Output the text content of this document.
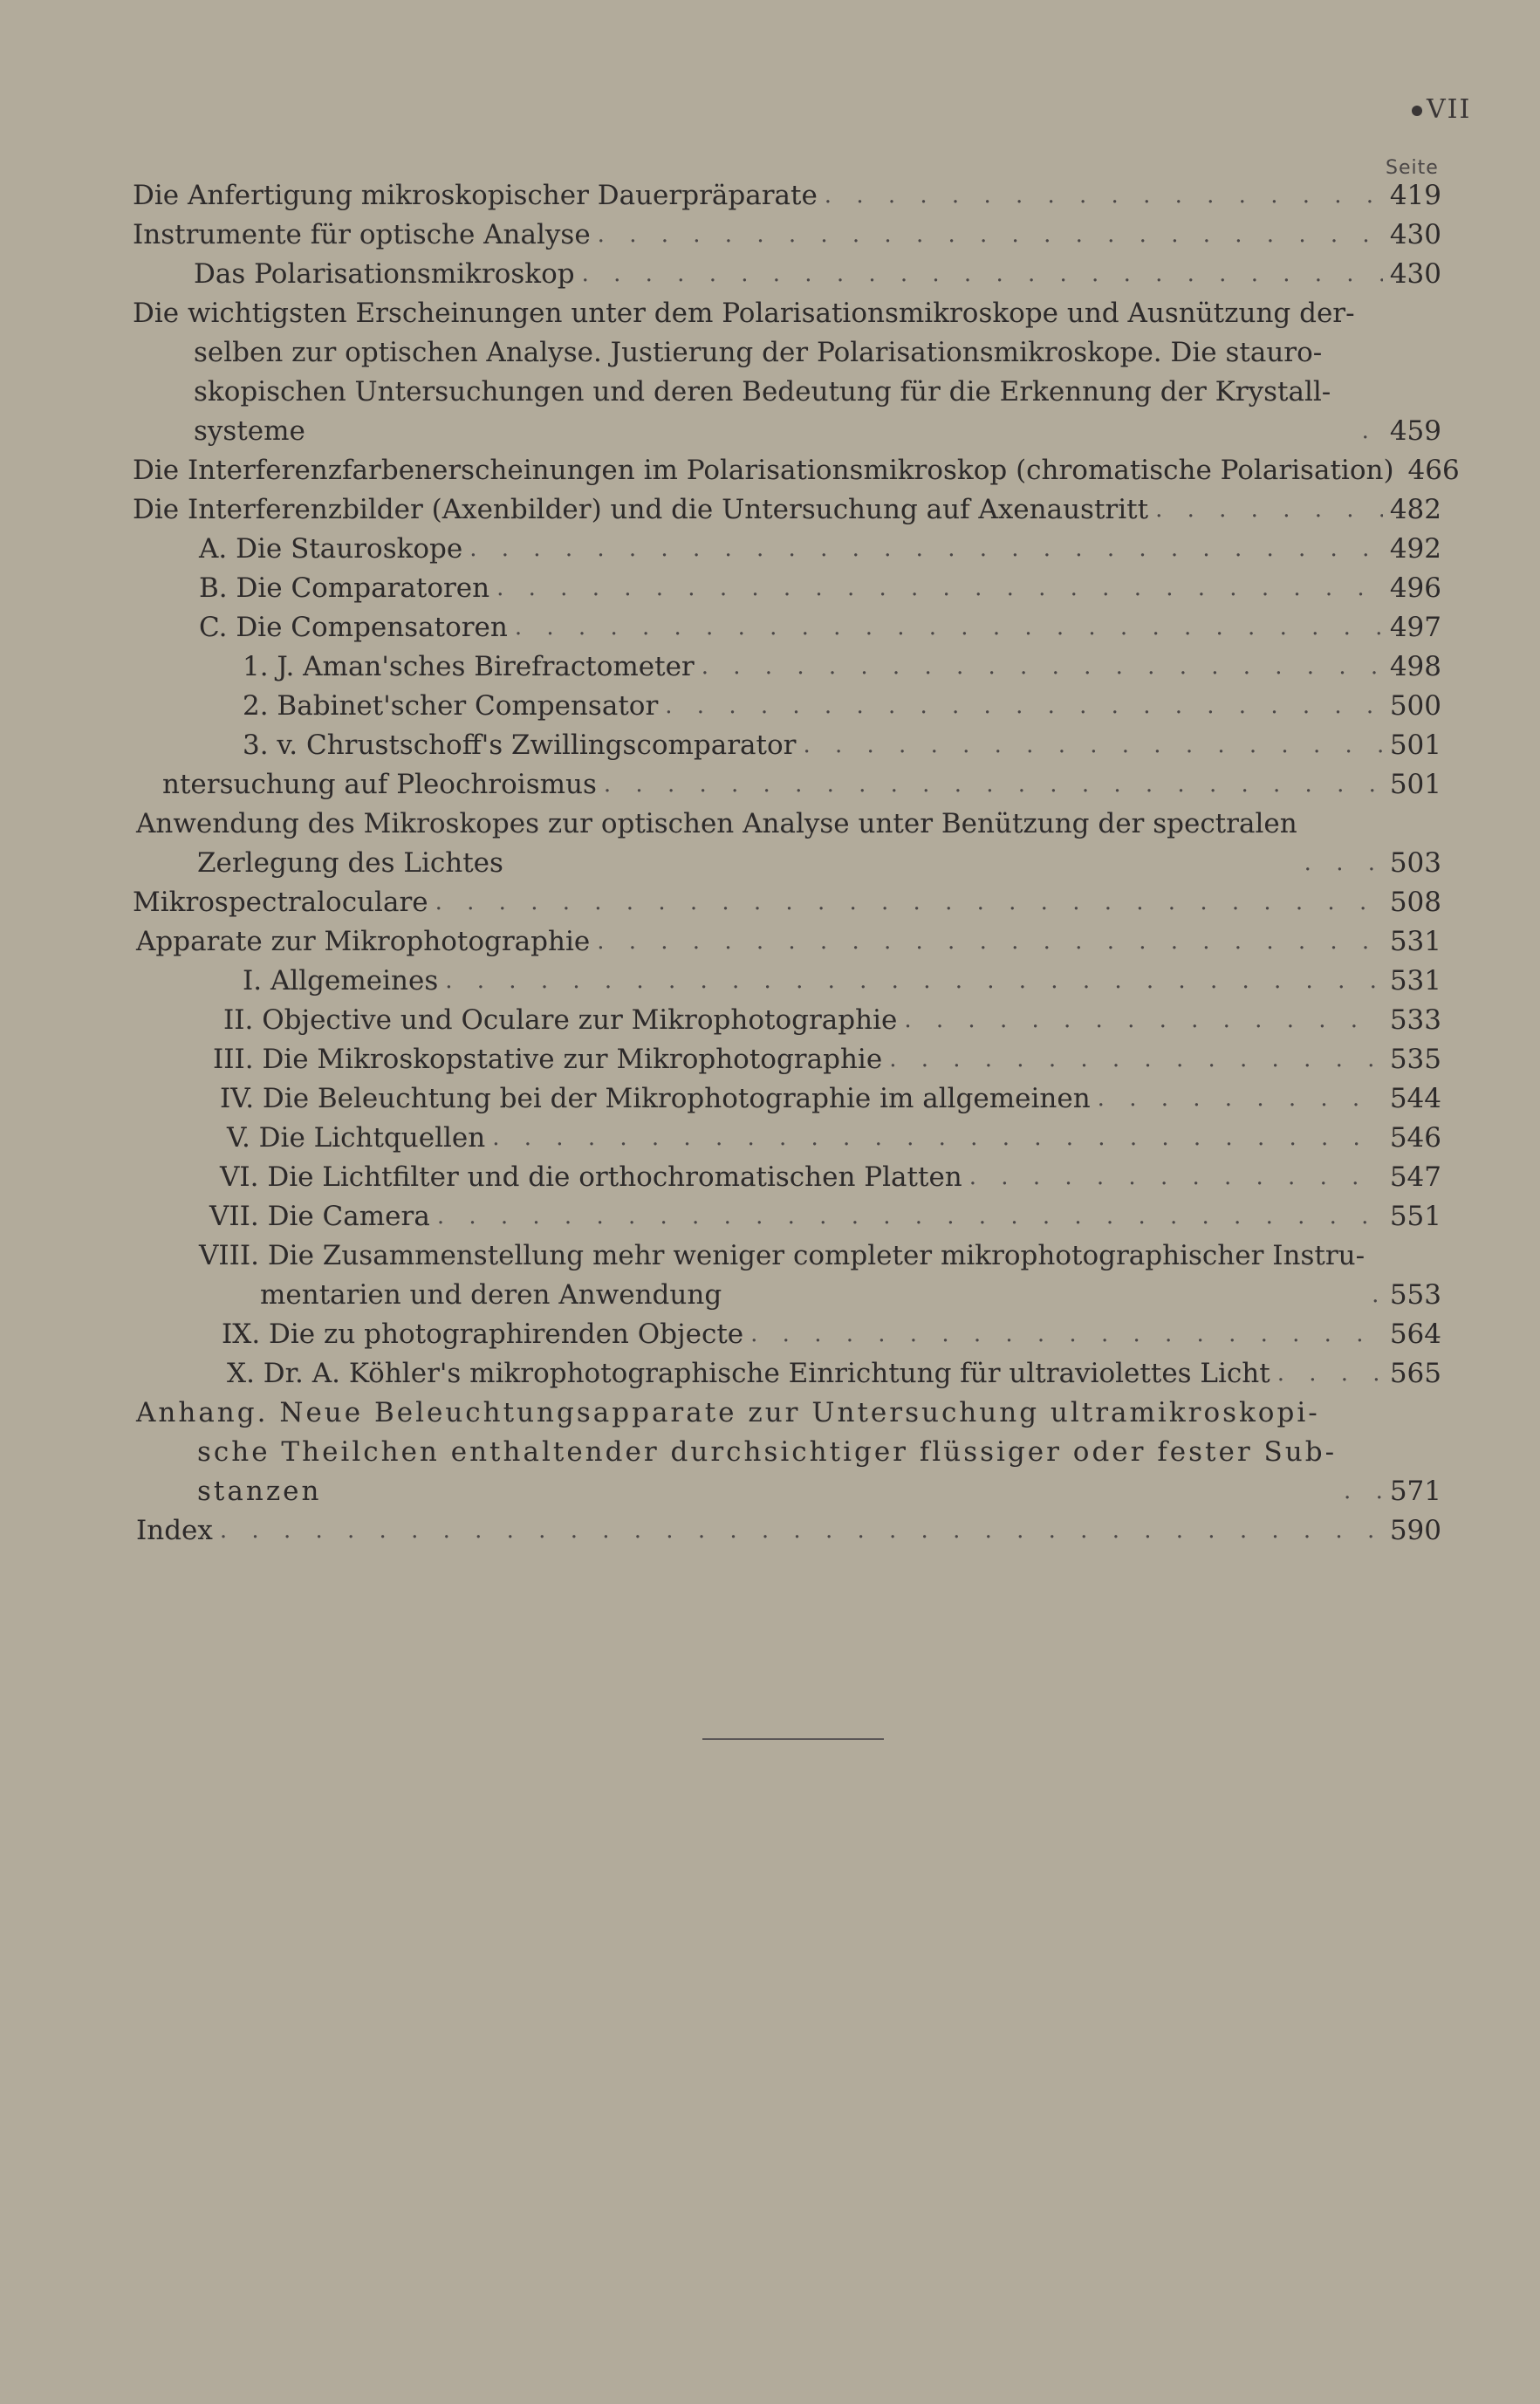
VII
Seite
Die Anfertigung mikroskopischer Dauerpräparate . . .	419
Instrumente für optische Analyse . . .	430
Das Polarisationsmikroskop . . .	430
Die wichtigsten Erscheinungen unter dem Polarisationsmikroskope und Ausnützung der-
selben zur optischen Analyse. Justierung der Polarisationsmikroskope. Die stauro-
skopischen Untersuchungen und deren Bedeutung für die Erkennung der Krystall-
systeme . . .	459
Die Interferenzfarbenerscheinungen im Polarisationsmikroskop (chromatische Polarisation) 466
Die Interferenzbilder (Axenbilder) und die Untersuchung auf Axenaustritt . . .	482
A. Die Stauroskope . . .	492
B. Die Comparatoren . . .	496
C. Die Compensatoren . . .	497
1. J. Aman'sches Birefractometer . . .	498
2. Babinet'scher Compensator . . .	500
3. v. Chrustschoff's Zwillingscomparator . . .	501
ntersuchung auf Pleochroismus . . .	501
Anwendung des Mikroskopes zur optischen Analyse unter Benützung der spectralen
Zerlegung des Lichtes . . .	503
Mikrospectraloculare . . .	508
Apparate zur Mikrophotographie . . .	531
I. Allgemeines . . .	531
II. Objective und Oculare zur Mikrophotographie . . .	533
III. Die Mikroskopstative zur Mikrophotographie . . .	535
IV. Die Beleuchtung bei der Mikrophotographie im allgemeinen . . .	544
V. Die Lichtquellen . . .	546
VI. Die Lichtfilter und die orthochromatischen Platten . . .	547
VII. Die Camera . . .	551
VIII. Die Zusammenstellung mehr weniger completer mikrophotographischer Instru-
mentarien und deren Anwendung . . .	553
IX. Die zu photographirenden Objecte . . .	564
X. Dr. A. Köhler's mikrophotographische Einrichtung für ultraviolettes Licht . . .	565
Anhang. Neue Beleuchtungsapparate zur Untersuchung ultramikroskopi-
sche Theilchen enthaltender durchsichtiger flüssiger oder fester Sub-
stanzen . . .	571
Index . . .	590
